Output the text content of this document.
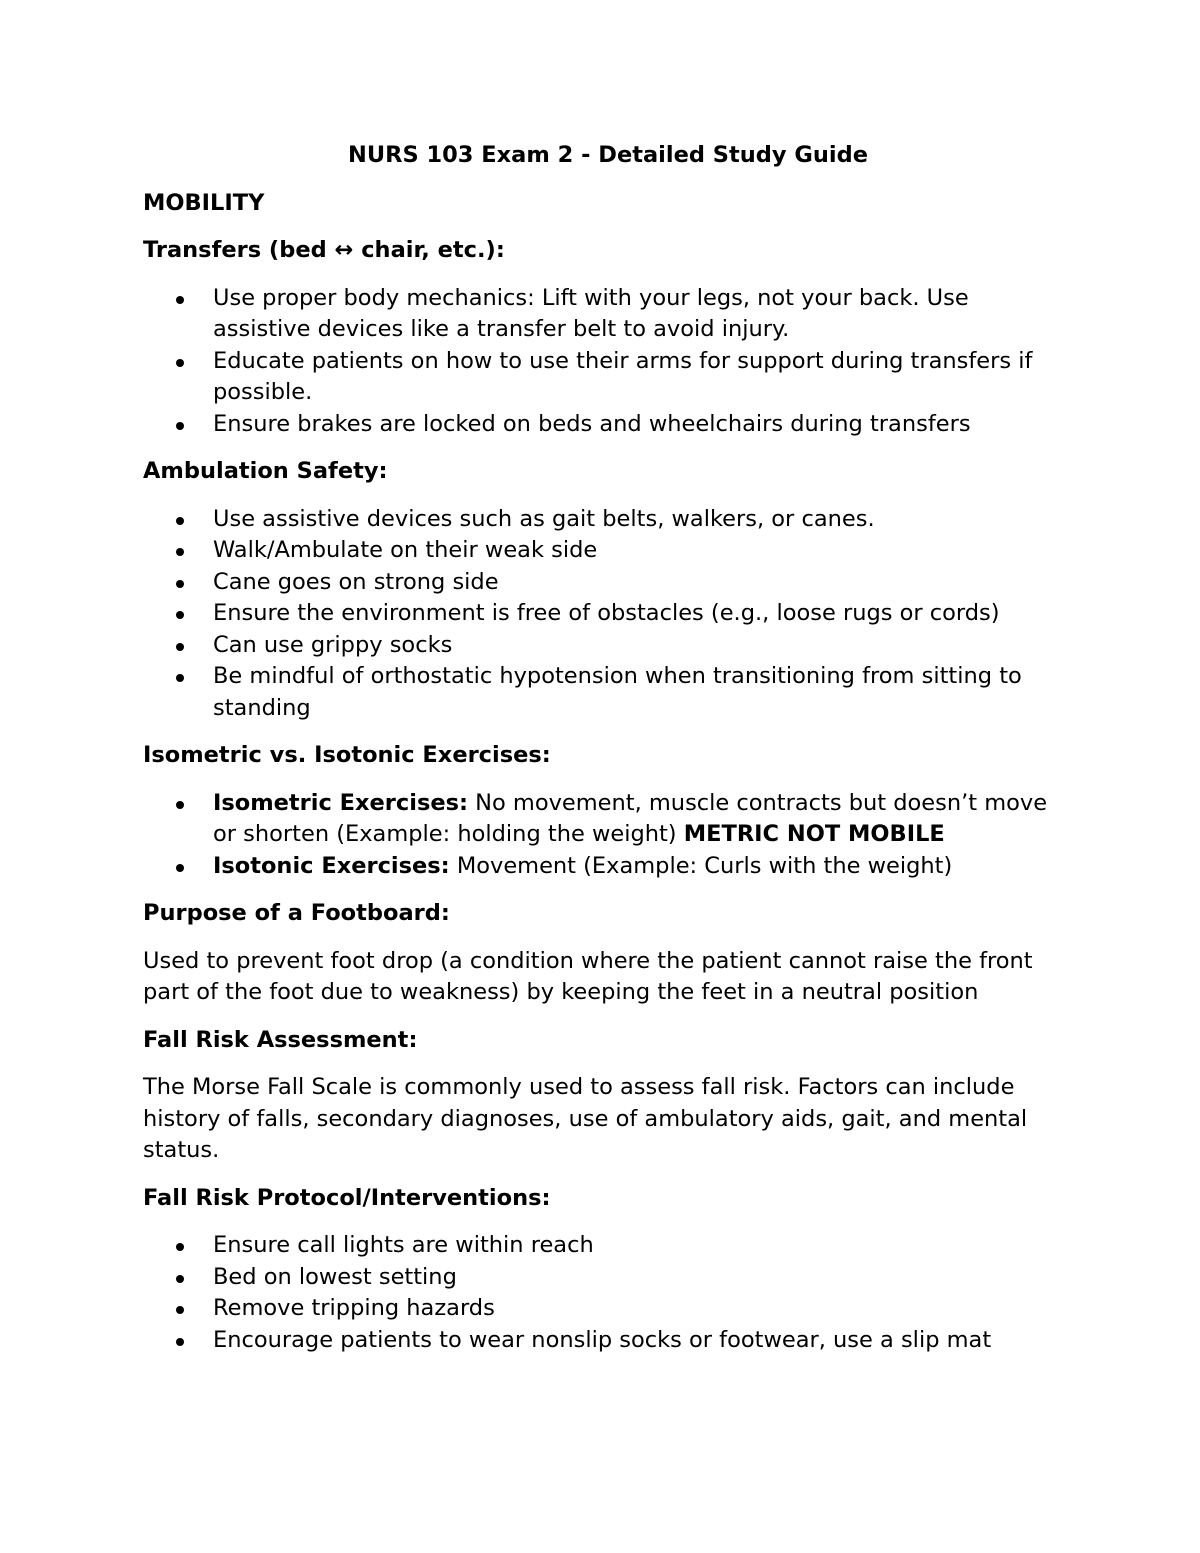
NURS 103 Exam 2 - Detailed Study Guide
MOBILITY
Transfers (bed ↔ chair, etc.):
Use proper body mechanics: Lift with your legs, not your back. Use assistive devices like a transfer belt to avoid injury.
Educate patients on how to use their arms for support during transfers if possible.
Ensure brakes are locked on beds and wheelchairs during transfers
Ambulation Safety:
Use assistive devices such as gait belts, walkers, or canes.
Walk/Ambulate on their weak side
Cane goes on strong side
Ensure the environment is free of obstacles (e.g., loose rugs or cords)
Can use grippy socks
Be mindful of orthostatic hypotension when transitioning from sitting to standing
Isometric vs. Isotonic Exercises:
Isometric Exercises: No movement, muscle contracts but doesn’t move or shorten (Example: holding the weight) METRIC NOT MOBILE
Isotonic Exercises: Movement (Example: Curls with the weight)
Purpose of a Footboard:
Used to prevent foot drop (a condition where the patient cannot raise the front part of the foot due to weakness) by keeping the feet in a neutral position
Fall Risk Assessment:
The Morse Fall Scale is commonly used to assess fall risk. Factors can include history of falls, secondary diagnoses, use of ambulatory aids, gait, and mental status.
Fall Risk Protocol/Interventions:
Ensure call lights are within reach
Bed on lowest setting
Remove tripping hazards
Encourage patients to wear nonslip socks or footwear, use a slip mat
